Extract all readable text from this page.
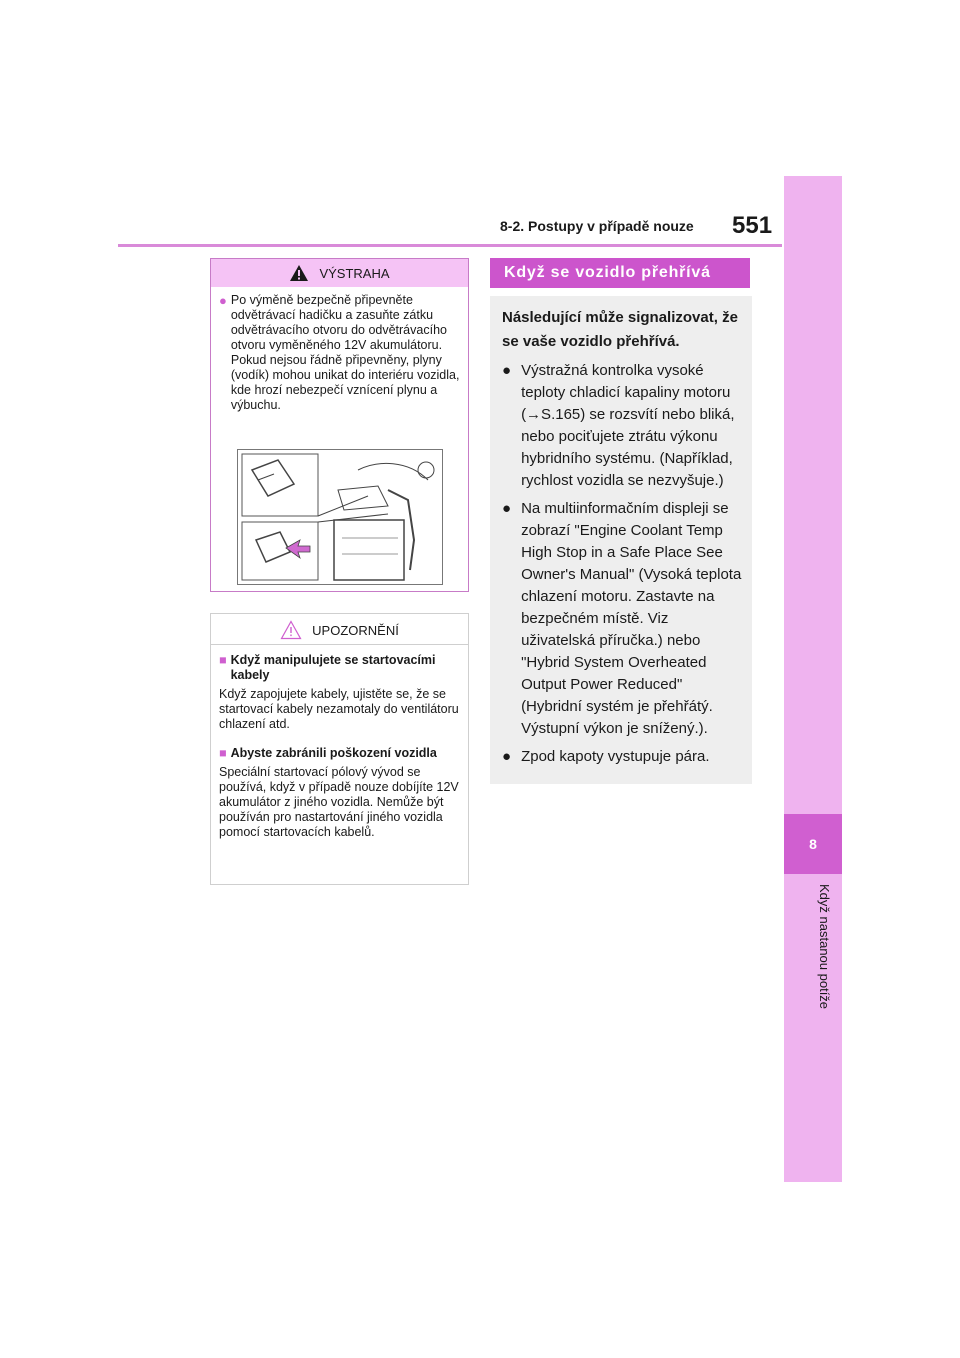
8-2. Postupy v případě nouze 551
8
Když nastanou potíže
VÝSTRAHA
● Po výměně bezpečně připevněte odvětrávací hadičku a zasuňte zátku odvětrávacího otvoru do odvětrávacího otvoru vyměněného 12V akumulátoru. Pokud nejsou řádně připevněny, plyny (vodík) mohou unikat do interiéru vozidla, kde hrozí nebezpečí vznícení plynu a výbuchu.
UPOZORNĚNÍ
■ Když manipulujete se startovacími kabely
Když zapojujete kabely, ujistěte se, že se startovací kabely nezamotaly do ventilátoru chlazení atd.
■ Abyste zabránili poškození vozidla
Speciální startovací pólový vývod se používá, když v případě nouze dobíjíte 12V akumulátor z jiného vozidla. Nemůže být používán pro nastartování jiného vozidla pomocí startovacích kabelů.
Když se vozidlo přehřívá
Následující může signalizovat, že se vaše vozidlo přehřívá.
● Výstražná kontrolka vysoké teploty chladicí kapaliny motoru (→S.165) se rozsvítí nebo bliká, nebo pociťujete ztrátu výkonu hybridního systému. (Například, rychlost vozidla se nezvyšuje.)
● Na multiinformačním displeji se zobrazí "Engine Coolant Temp High Stop in a Safe Place See Owner's Manual" (Vysoká teplota chlazení motoru. Zastavte na bezpečném místě. Viz uživatelská příručka.) nebo "Hybrid System Overheated Output Power Reduced" (Hybridní systém je přehřátý. Výstupní výkon je snížený.).
● Zpod kapoty vystupuje pára.
